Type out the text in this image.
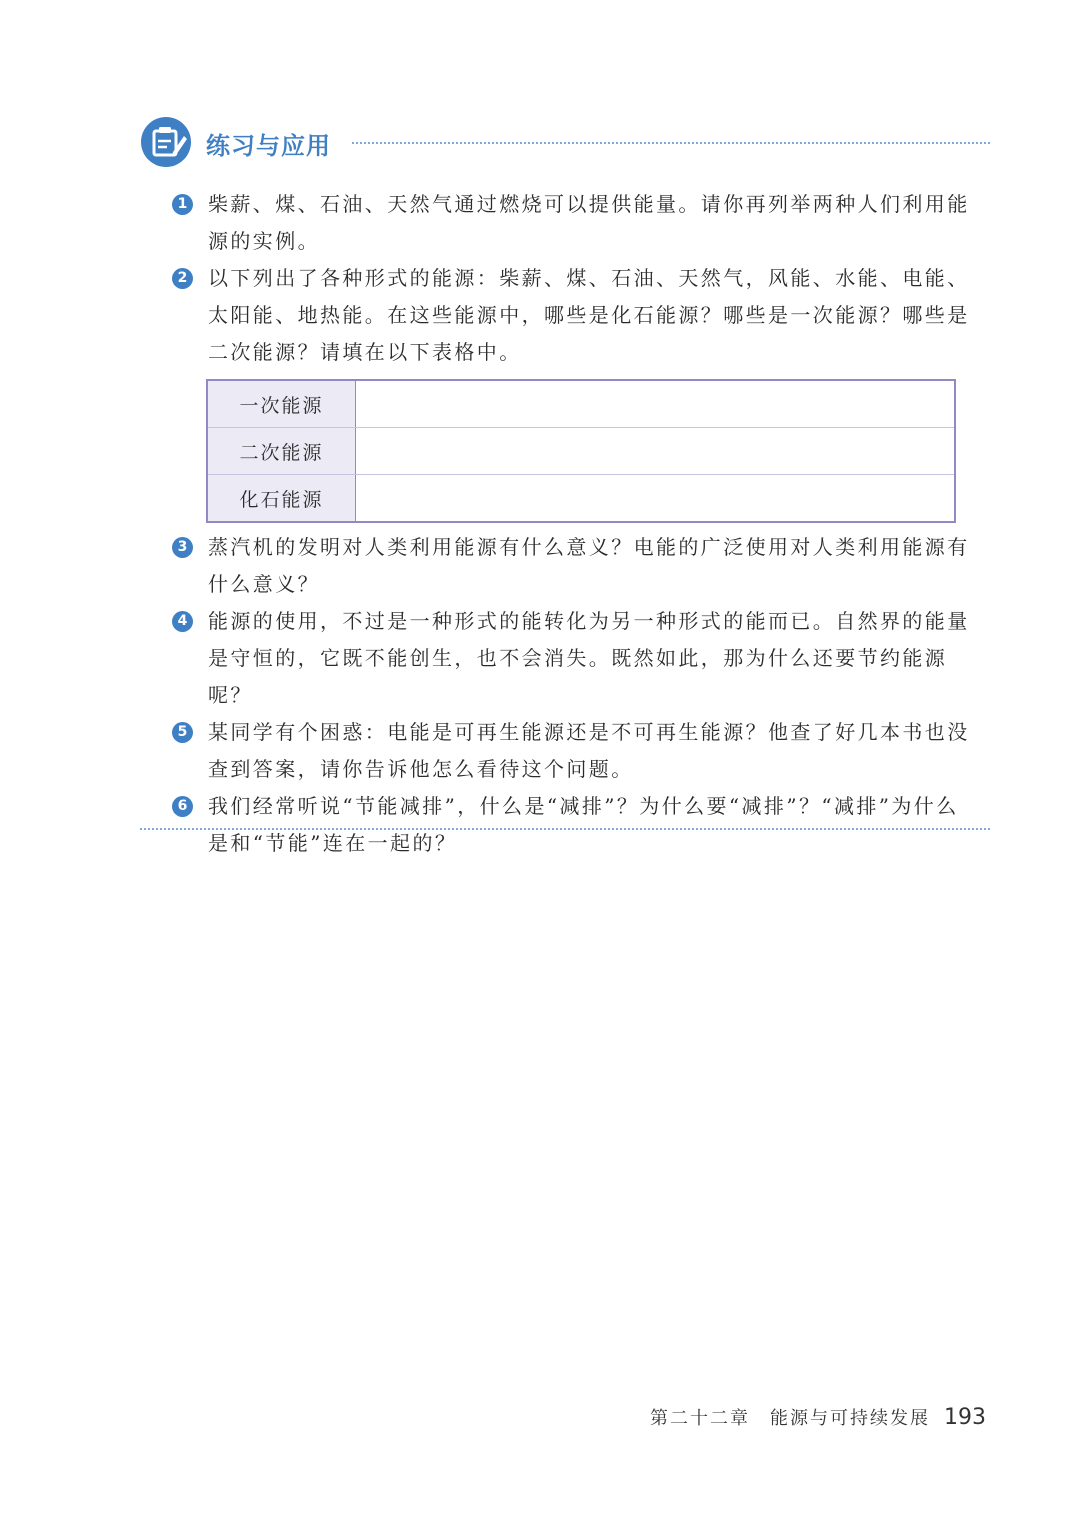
练习与应用
1 柴薪、煤、石油、天然气通过燃烧可以提供能量。请你再列举两种人们利用能源的实例。
2 以下列出了各种形式的能源：柴薪、煤、石油、天然气，风能、水能、电能、太阳能、地热能。在这些能源中，哪些是化石能源？哪些是一次能源？哪些是二次能源？请填在以下表格中。
一次能源	
二次能源	
化石能源	
3 蒸汽机的发明对人类利用能源有什么意义？电能的广泛使用对人类利用能源有什么意义？
4 能源的使用，不过是一种形式的能转化为另一种形式的能而已。自然界的能量是守恒的，它既不能创生，也不会消失。既然如此，那为什么还要节约能源呢？
5 某同学有个困惑：电能是可再生能源还是不可再生能源？他查了好几本书也没查到答案，请你告诉他怎么看待这个问题。
6 我们经常听说“节能减排”，什么是“减排”？为什么要“减排”？“减排”为什么是和“节能”连在一起的？
第二十二章　能源与可持续发展 193
